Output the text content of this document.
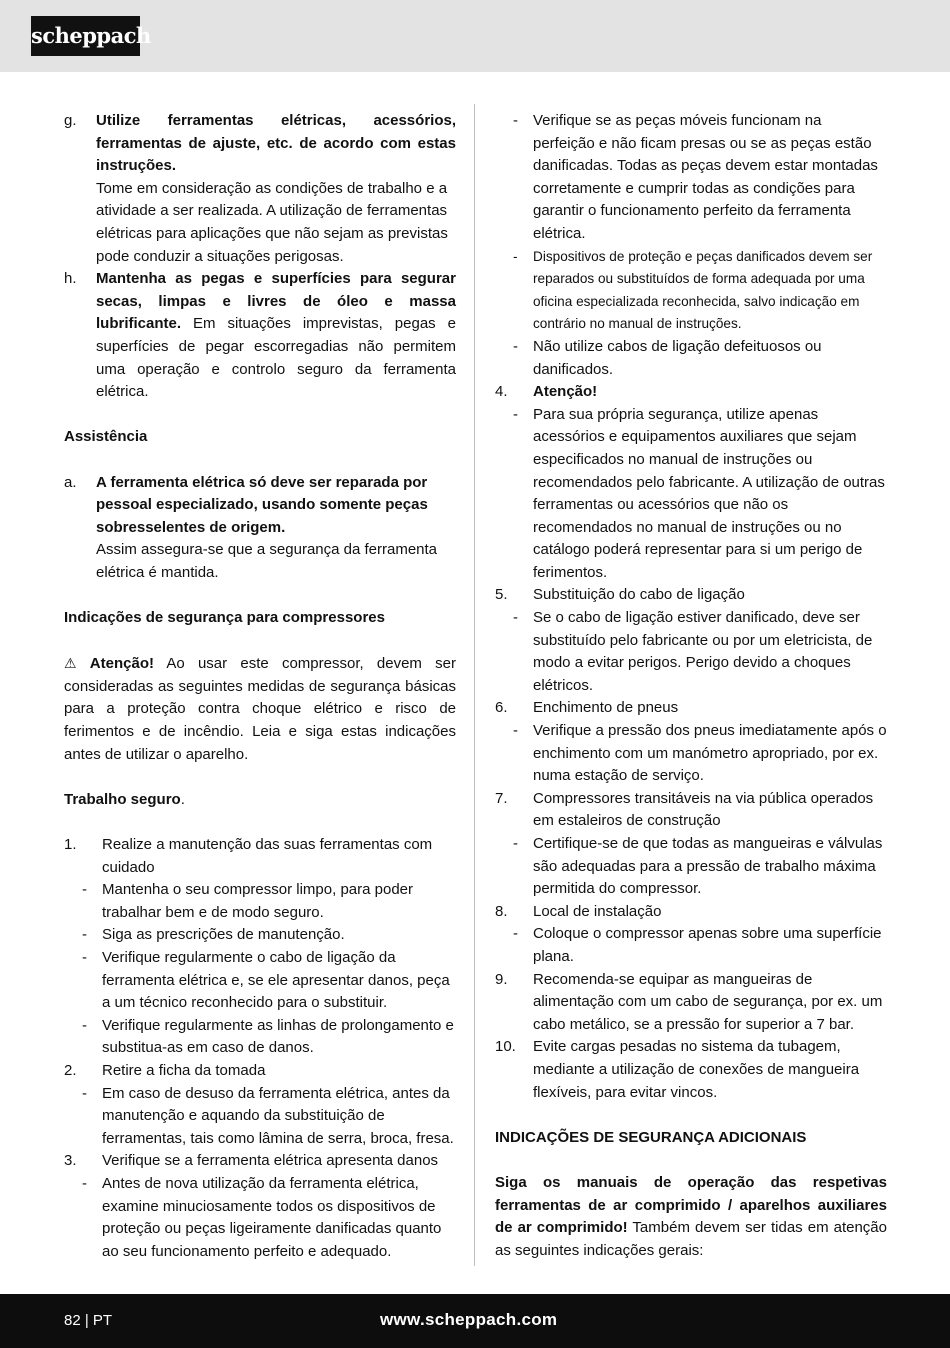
scheppach
g.	Utilize ferramentas elétricas, acessórios, ferramentas de ajuste, etc. de acordo com estas instruções.
Tome em consideração as condições de trabalho e a atividade a ser realizada. A utilização de ferramentas elétricas para aplicações que não sejam as previstas pode conduzir a situações perigosas.
h.	Mantenha as pegas e superfícies para segurar secas, limpas e livres de óleo e massa lubrificante. Em situações imprevistas, pegas e superfícies de pegar escorregadias não permitem uma operação e controlo seguro da ferramenta elétrica.
Assistência
a.	A ferramenta elétrica só deve ser reparada por pessoal especializado, usando somente peças sobresselentes de origem.
Assim assegura-se que a segurança da ferramenta elétrica é mantida.
Indicações de segurança para compressores
⚠ Atenção! Ao usar este compressor, devem ser consideradas as seguintes medidas de segurança básicas para a proteção contra choque elétrico e risco de ferimentos e de incêndio. Leia e siga estas indicações antes de utilizar o aparelho.
Trabalho seguro.
1.	Realize a manutenção das suas ferramentas com cuidado
-	Mantenha o seu compressor limpo, para poder trabalhar bem e de modo seguro.
-	Siga as prescrições de manutenção.
-	Verifique regularmente o cabo de ligação da ferramenta elétrica e, se ele apresentar danos, peça a um técnico reconhecido para o substituir.
-	Verifique regularmente as linhas de prolongamento e substitua-as em caso de danos.
2.	Retire a ficha da tomada
-	Em caso de desuso da ferramenta elétrica, antes da manutenção e aquando da substituição de ferramentas, tais como lâmina de serra, broca, fresa.
3.	Verifique se a ferramenta elétrica apresenta danos
-	Antes de nova utilização da ferramenta elétrica, examine minuciosamente todos os dispositivos de proteção ou peças ligeiramente danificadas quanto ao seu funcionamento perfeito e adequado.
-	Verifique se as peças móveis funcionam na perfeição e não ficam presas ou se as peças estão danificadas. Todas as peças devem estar montadas corretamente e cumprir todas as condições para garantir o funcionamento perfeito da ferramenta elétrica.
-	Dispositivos de proteção e peças danificados devem ser reparados ou substituídos de forma adequada por uma oficina especializada reconhecida, salvo indicação em contrário no manual de instruções.
-	Não utilize cabos de ligação defeituosos ou danificados.
4.	Atenção!
-	Para sua própria segurança, utilize apenas acessórios e equipamentos auxiliares que sejam especificados no manual de instruções ou recomendados pelo fabricante. A utilização de outras ferramentas ou acessórios que não os recomendados no manual de instruções ou no catálogo poderá representar para si um perigo de ferimentos.
5.	Substituição do cabo de ligação
-	Se o cabo de ligação estiver danificado, deve ser substituído pelo fabricante ou por um eletricista, de modo a evitar perigos. Perigo devido a choques elétricos.
6.	Enchimento de pneus
-	Verifique a pressão dos pneus imediatamente após o enchimento com um manómetro apropriado, por ex. numa estação de serviço.
7.	Compressores transitáveis na via pública operados em estaleiros de construção
-	Certifique-se de que todas as mangueiras e válvulas são adequadas para a pressão de trabalho máxima permitida do compressor.
8.	Local de instalação
-	Coloque o compressor apenas sobre uma superfície plana.
9.	Recomenda-se equipar as mangueiras de alimentação com um cabo de segurança, por ex. um cabo metálico, se a pressão for superior a 7 bar.
10.	Evite cargas pesadas no sistema da tubagem, mediante a utilização de conexões de mangueira flexíveis, para evitar vincos.
INDICAÇÕES DE SEGURANÇA ADICIONAIS
Siga os manuais de operação das respetivas ferramentas de ar comprimido / aparelhos auxiliares de ar comprimido! Também devem ser tidas em atenção as seguintes indicações gerais:
82 | PT	www.scheppach.com
